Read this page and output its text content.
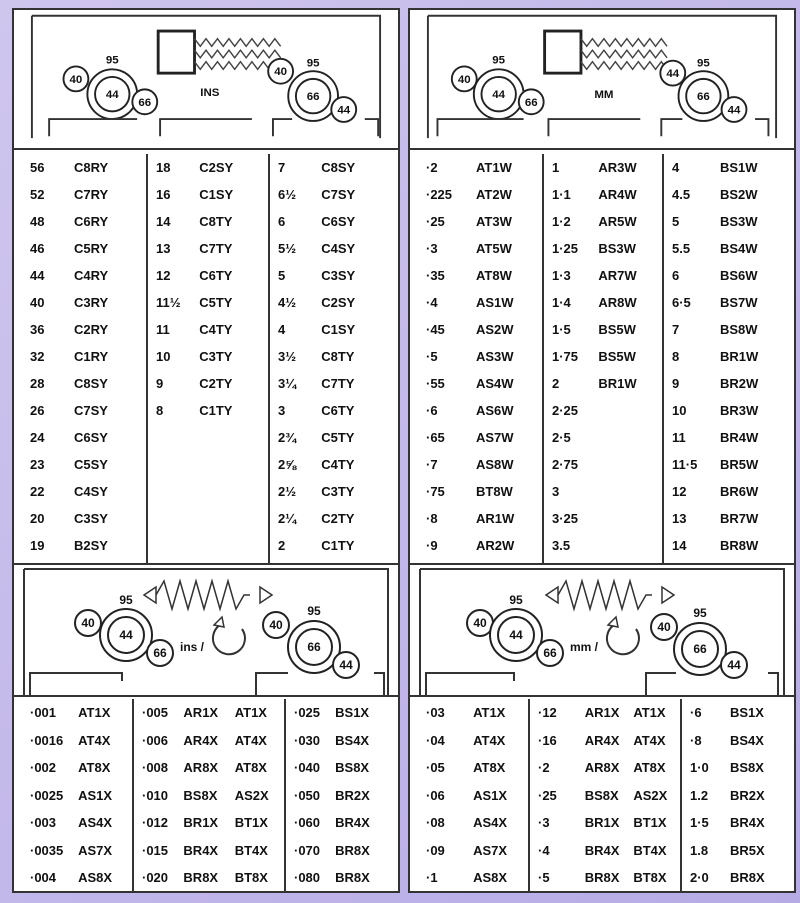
INS
40
95
44
66
40
95
66
44
56	C8RY
52	C7RY
48	C6RY
46	C5RY
44	C4RY
40	C3RY
36	C2RY
32	C1RY
28	C8SY
26	C7SY
24	C6SY
23	C5SY
22	C4SY
20	C3SY
19	B2SY
18	C2SY
16	C1SY
14	C8TY
13	C7TY
12	C6TY
11½	C5TY
11	C4TY
10	C3TY
9	C2TY
8	C1TY
7	C8SY
6½	C7SY
6	C6SY
5½	C4SY
5	C3SY
4½	C2SY
4	C1SY
3½	C8TY
3¼	C7TY
3	C6TY
2¾	C5TY
2⅝	C4TY
2½	C3TY
2¼	C2TY
2	C1TY
ins /
40
95
44
66
40
95
66
44
·001	AT1X
·0016	AT4X
·002	AT8X
·0025	AS1X
·003	AS4X
·0035	AS7X
·004	AS8X
·005	AR1X	AT1X
·006	AR4X	AT4X
·008	AR8X	AT8X
·010	BS8X	AS2X
·012	BR1X	BT1X
·015	BR4X	BT4X
·020	BR8X	BT8X
·025	BS1X
·030	BS4X
·040	BS8X
·050	BR2X
·060	BR4X
·070	BR8X
·080	BR8X
MM
40
95
44
66
44
95
66
44
·2	AT1W
·225	AT2W
·25	AT3W
·3	AT5W
·35	AT8W
·4	AS1W
·45	AS2W
·5	AS3W
·55	AS4W
·6	AS6W
·65	AS7W
·7	AS8W
·75	BT8W
·8	AR1W
·9	AR2W
1	AR3W
1·1	AR4W
1·2	AR5W
1·25	BS3W
1·3	AR7W
1·4	AR8W
1·5	BS5W
1·75	BS5W
2	BR1W
2·25
2·5
2·75
3
3·25
3.5
4	BS1W
4.5	BS2W
5	BS3W
5.5	BS4W
6	BS6W
6·5	BS7W
7	BS8W
8	BR1W
9	BR2W
10	BR3W
11	BR4W
11·5	BR5W
12	BR6W
13	BR7W
14	BR8W
mm /
40
95
44
66
40
95
66
44
·03	AT1X
·04	AT4X
·05	AT8X
·06	AS1X
·08	AS4X
·09	AS7X
·1	AS8X
·12	AR1X	AT1X
·16	AR4X	AT4X
·2	AR8X	AT8X
·25	BS8X	AS2X
·3	BR1X	BT1X
·4	BR4X	BT4X
·5	BR8X	BT8X
·6	BS1X
·8	BS4X
1·0	BS8X
1.2	BR2X
1·5	BR4X
1.8	BR5X
2·0	BR8X
